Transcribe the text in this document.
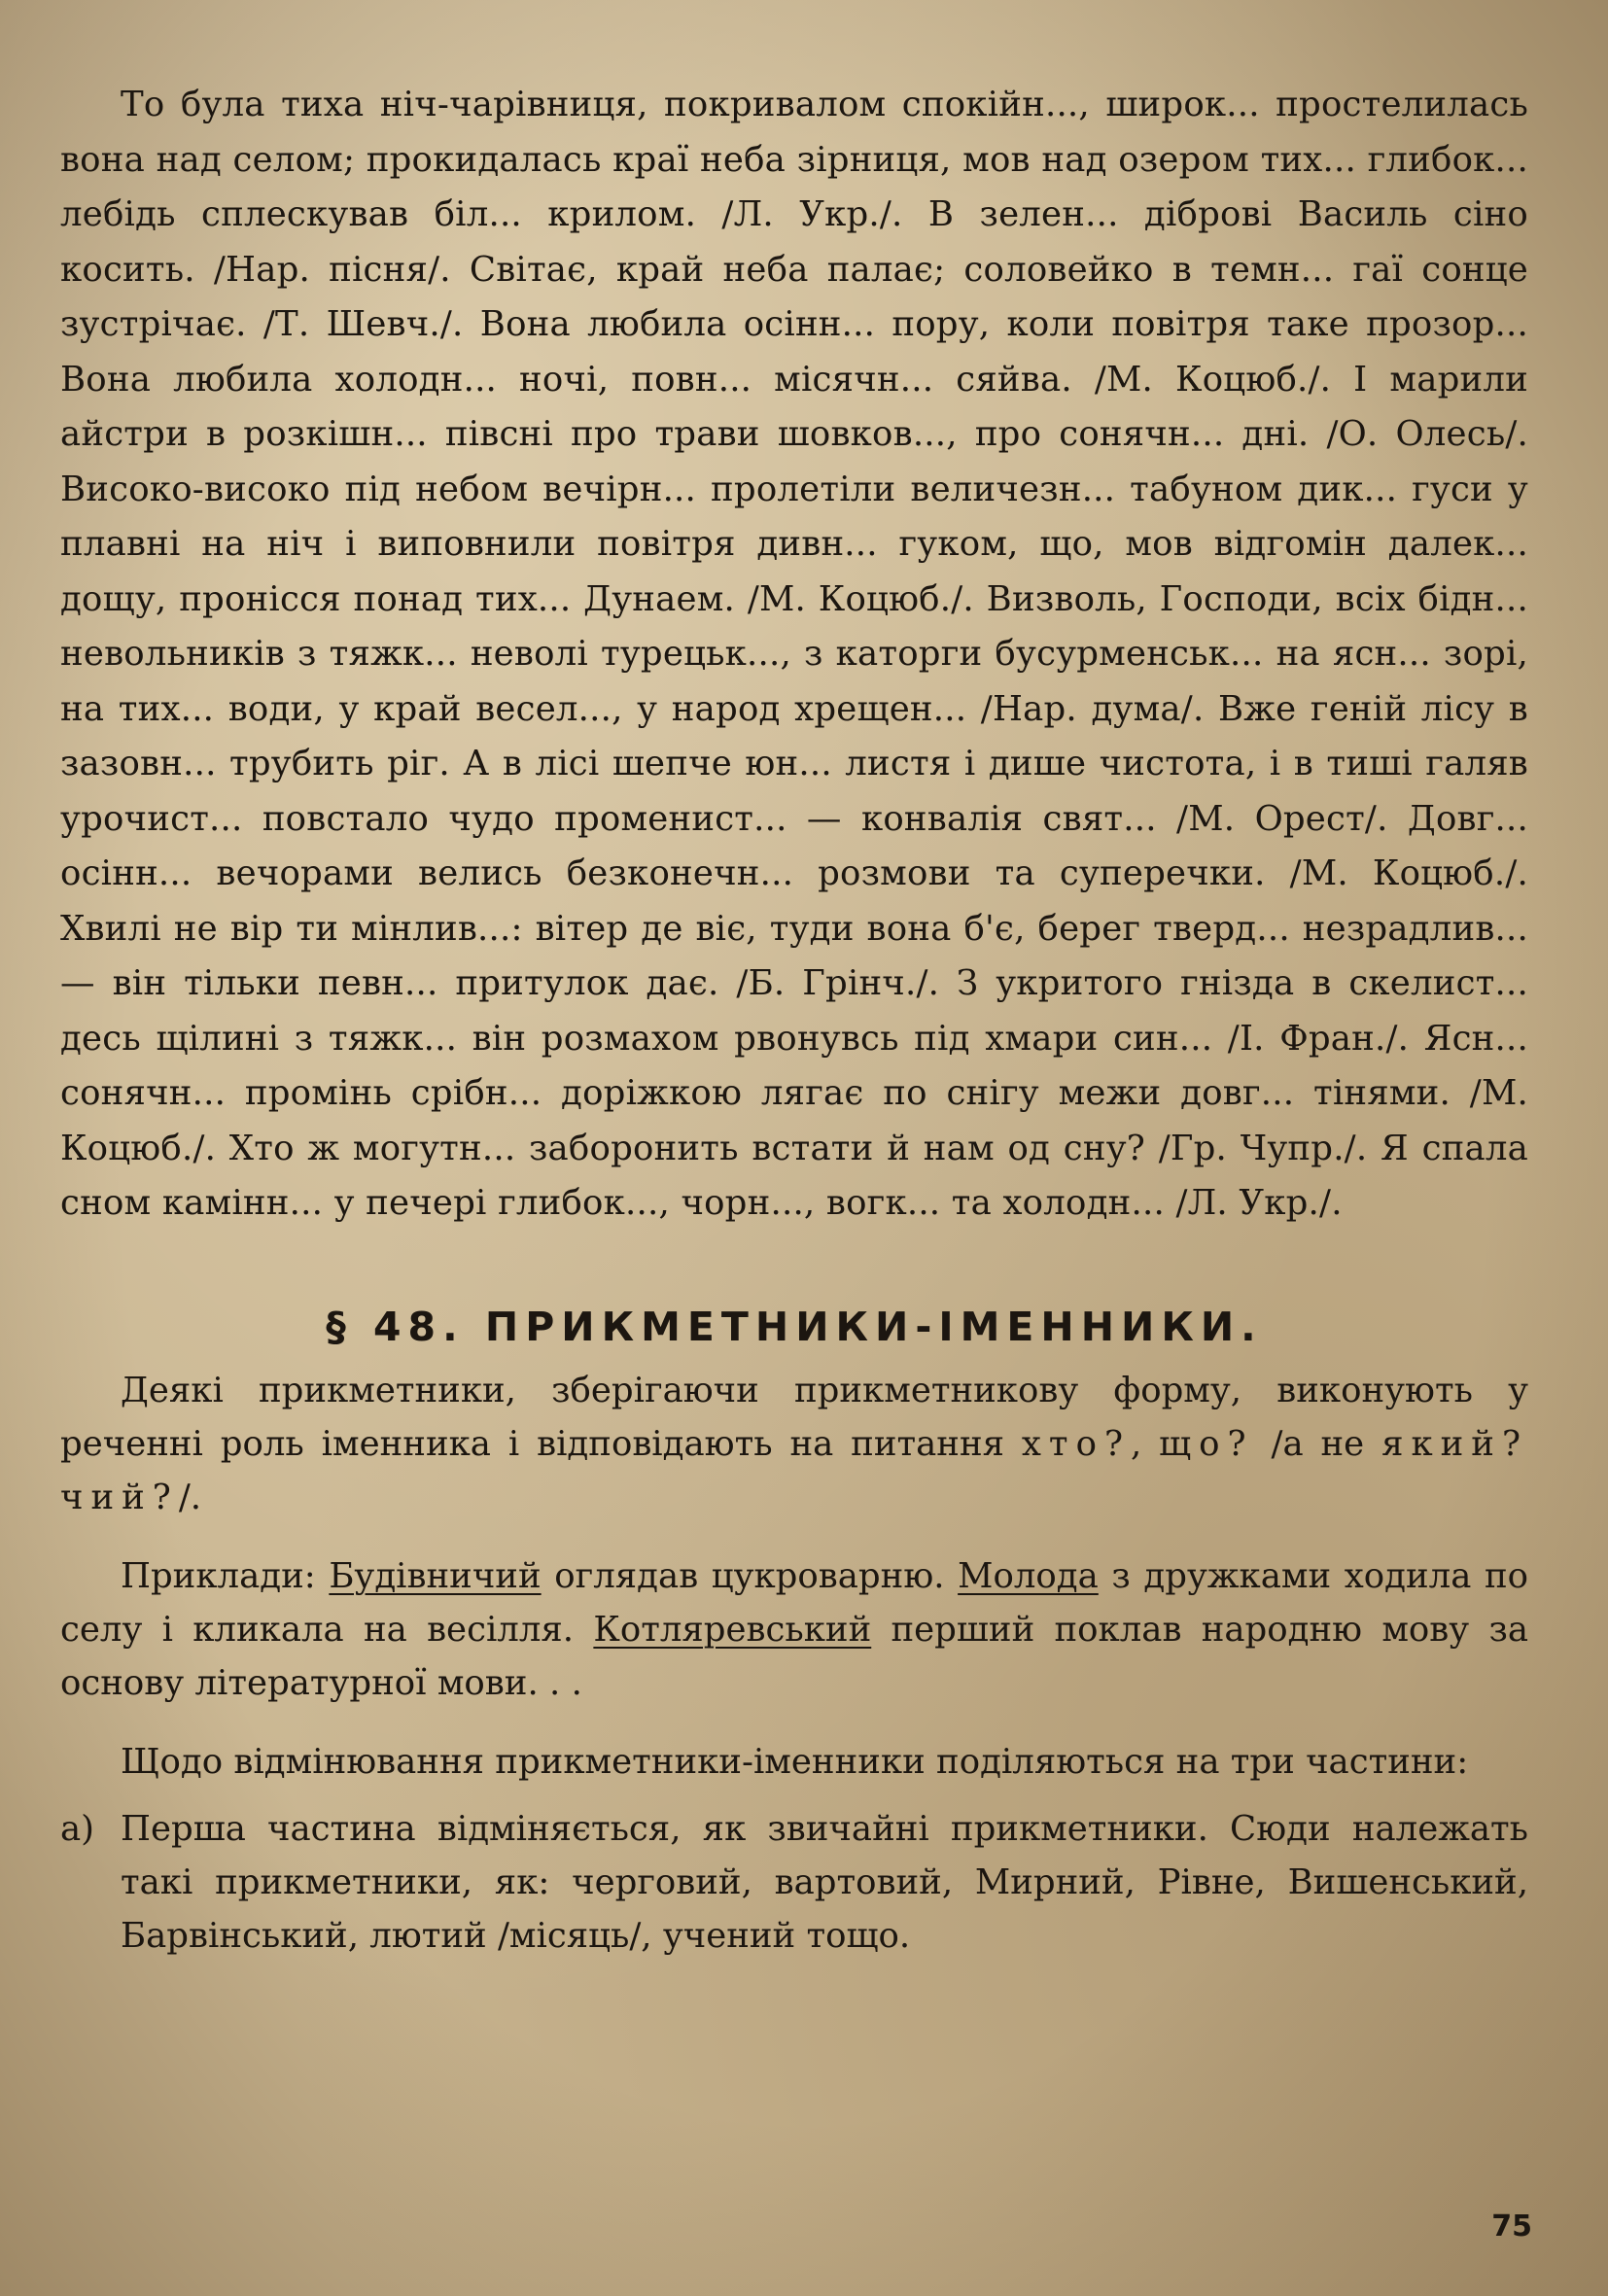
То була тиха ніч-чарівниця, покривалом спокійн..., широк... простелилась вона над селом; прокидалась краї неба зірниця, мов над озером тих... глибок... лебідь сплескував біл... крилом. /Л. Укр./. В зелен... діброві Василь сіно косить. /Нар. пісня/. Світає, край неба палає; соловейко в темн... гаї сонце зустрічає. /Т. Шевч./. Вона любила осінн... пору, коли повітря таке прозор... Вона любила холодн... ночі, повн... місячн... сяйва. /М. Коцюб./. І марили айстри в розкішн... півсні про трави шовков..., про сонячн... дні. /О. Олесь/. Високо-високо під небом вечірн... пролетіли величезн... табуном дик... гуси у плавні на ніч і виповнили повітря дивн... гуком, що, мов відгомін далек... дощу, пронісся понад тих... Дунаем. /М. Коцюб./. Визволь, Господи, всіх бідн... невольників з тяжк... неволі турецьк..., з каторги бусурменськ... на ясн... зорі, на тих... води, у край весел..., у народ хрещен... /Нар. дума/. Вже геній лісу в зазовн... трубить ріг. А в лісі шепче юн... листя і дише чистота, і в тиші галяв урочист... повстало чудо променист... — конвалія свят... /М. Орест/. Довг... осінн... вечорами велись безконечн... розмови та суперечки. /М. Коцюб./. Хвилі не вір ти мінлив...: вітер де віє, туди вона б'є, берег тверд... незрадлив... — він тільки певн... притулок дає. /Б. Грінч./. З укритого гнізда в скелист... десь щілині з тяжк... він розмахом рвонувсь під хмари син... /І. Фран./. Ясн... сонячн... промінь срібн... доріжкою лягає по снігу межи довг... тінями. /М. Коцюб./. Хто ж могутн... заборонить встати й нам од сну? /Гр. Чупр./. Я спала сном камінн... у печері глибок..., чорн..., вогк... та холодн... /Л. Укр./.

§ 48. ПРИКМЕТНИКИ-ІМЕННИКИ.

Деякі прикметники, зберігаючи прикметникову форму, виконують у реченні роль іменника і відповідають на питання хто?, що? /а не який? чий?/.

Приклади: Будівничий оглядав цукроварню. Молода з дружками ходила по селу і кликала на весілля. Котляревський перший поклав народню мову за основу літературної мови. . .

Щодо відмінювання прикметники-іменники поділяються на три частини:

а) Перша частина відміняється, як звичайні прикметники. Сюди належать такі прикметники, як: черговий, вартовий, Мирний, Рівне, Вишенський, Барвінський, лютий /місяць/, учений тощо.

75
